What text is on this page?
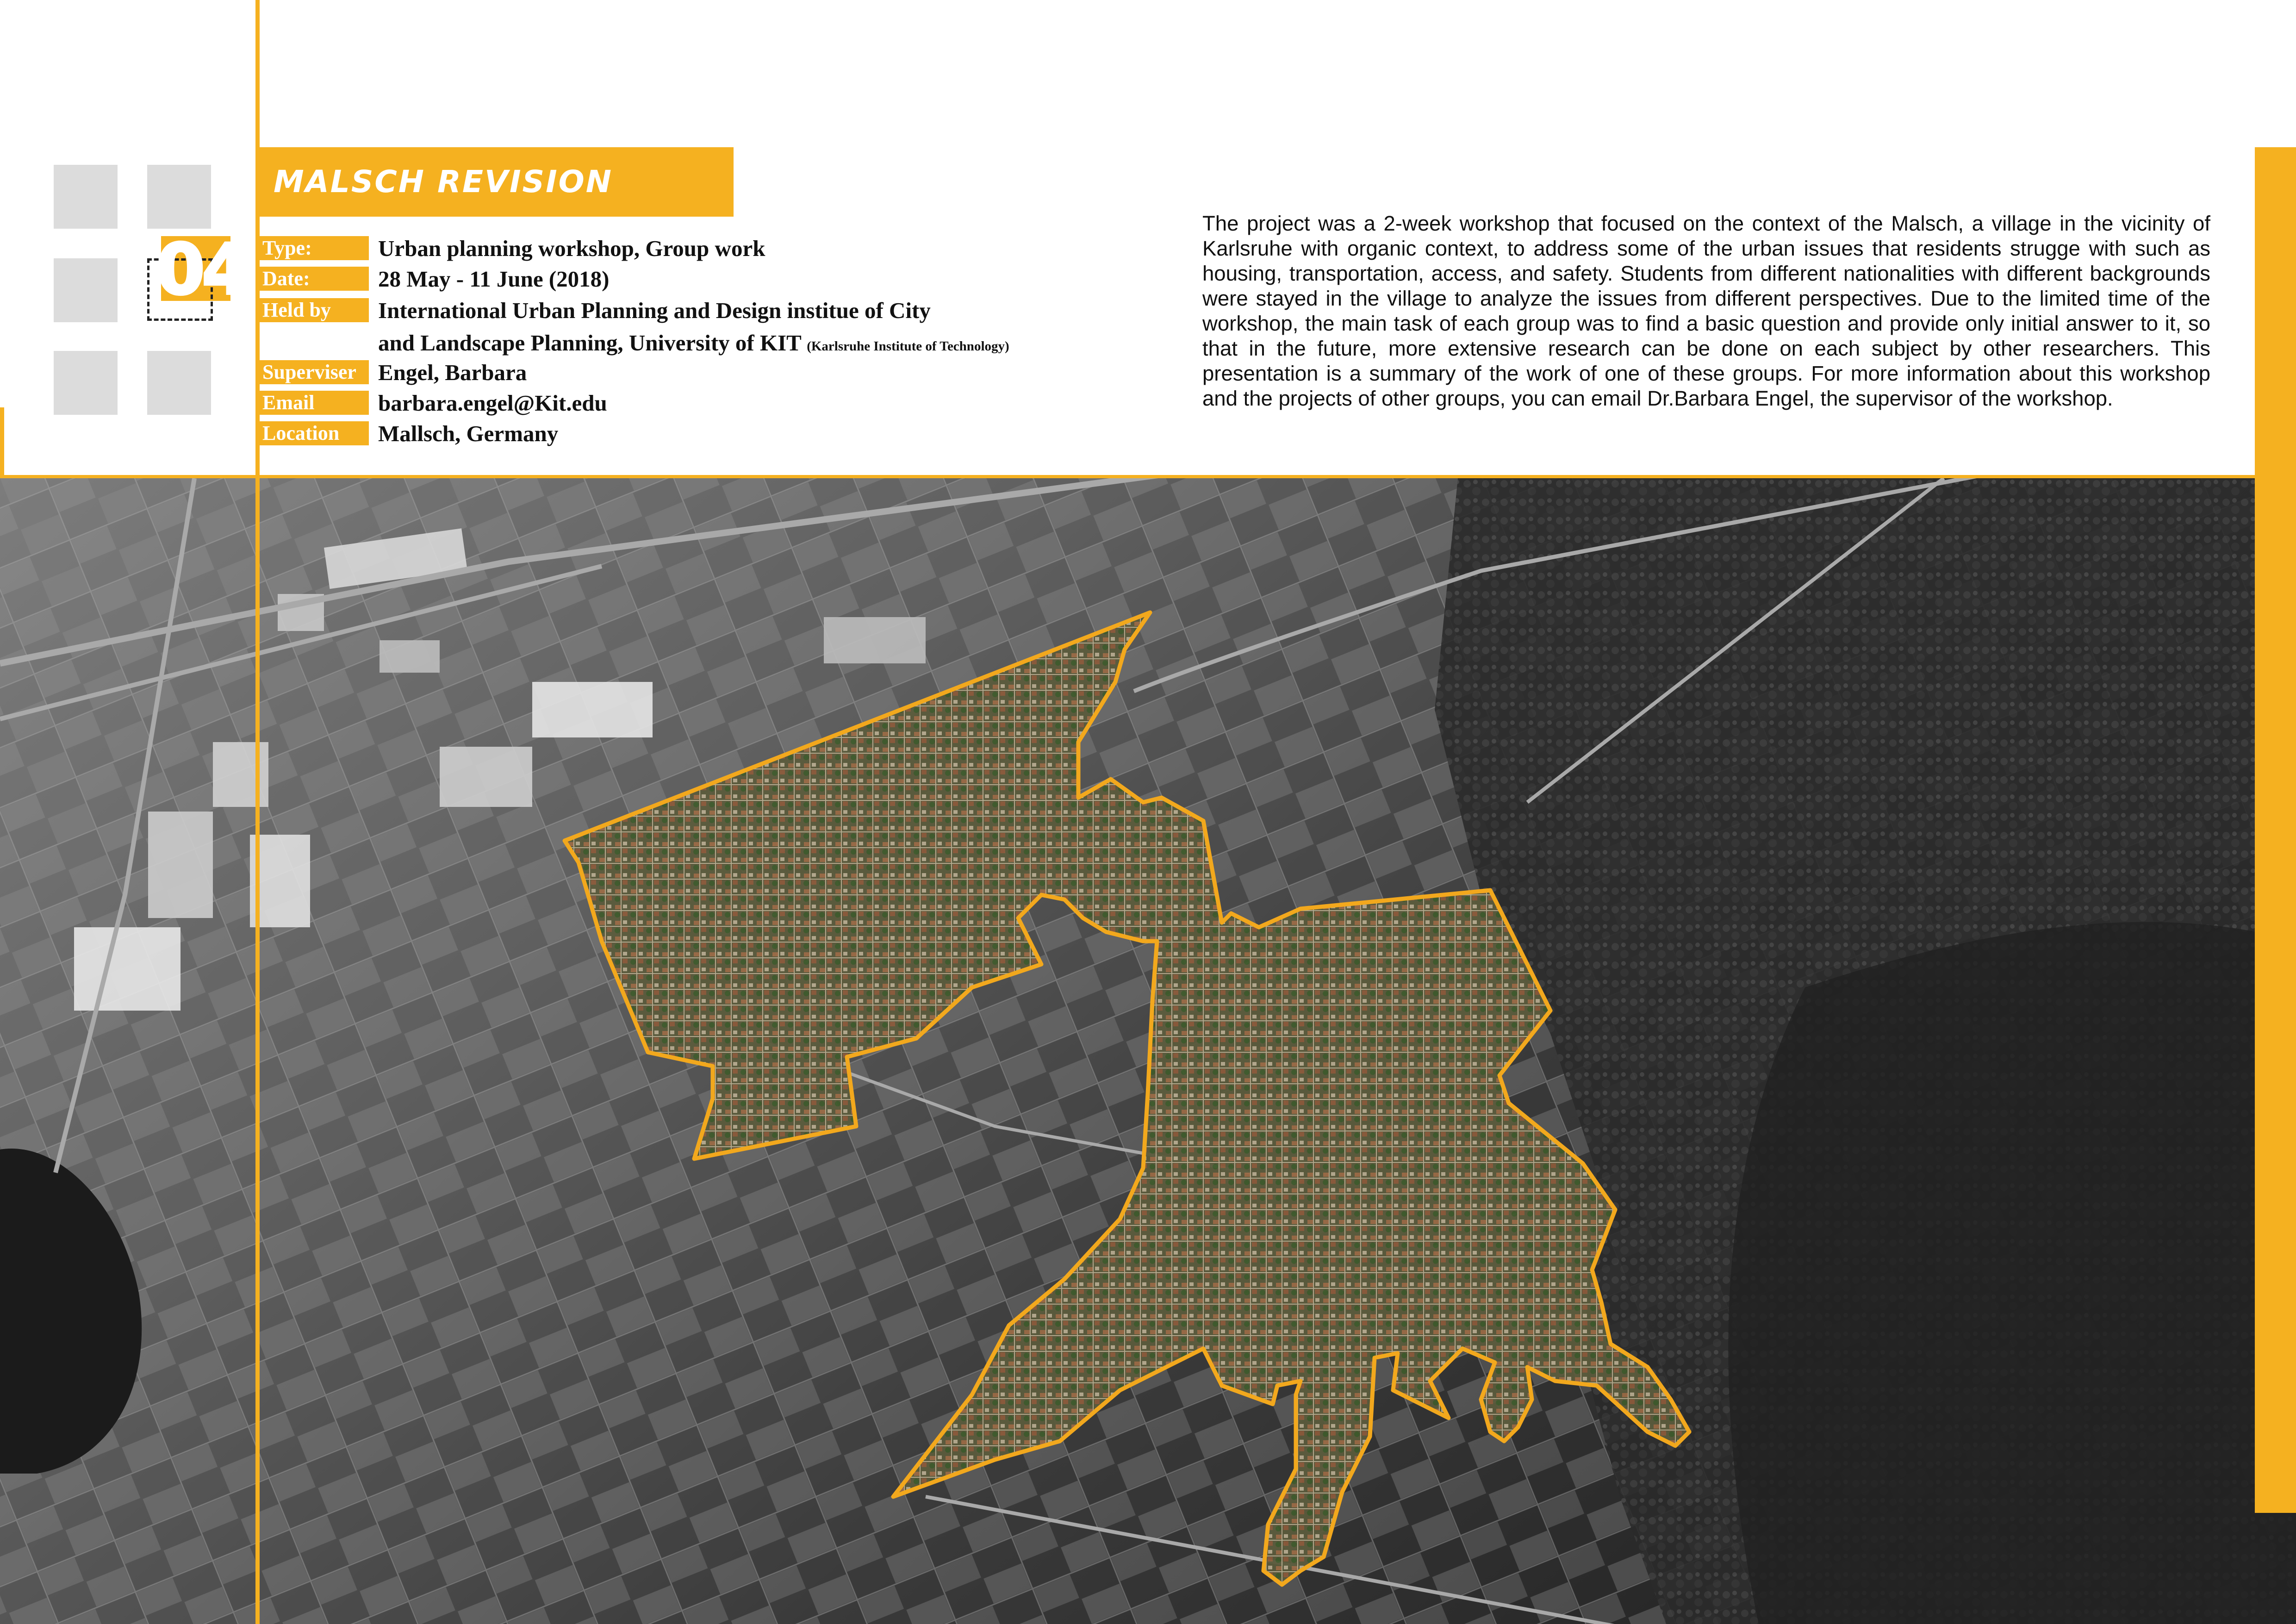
04
MALSCH REVISION
Type:	Urban planning workshop, Group work
Date:	28 May - 11 June (2018)
Held by	International Urban Planning and Design institue of City
and Landscape Planning, University of KIT (Karlsruhe Institute of Technology)
Superviser Engel, Barbara
Email	barbara.engel@Kit.edu
Location	Mallsch, Germany
The project was a 2-week workshop that focused on the context of the Malsch, a village in the vicinity of Karlsruhe with organic context, to address some of the urban issues that residents strugge with such as housing, transportation, access, and safety. Students from different nationalities with different backgrounds were stayed in the village to analyze the issues from different perspectives. Due to the limited time of the workshop, the main task of each group was to find a basic question and provide only initial answer to it, so that in the future, more extensive research can be done on each subject by other researchers. This presentation is a summary of the work of one of these groups. For more information about this workshop and the projects of other groups, you can email Dr.Barbara Engel, the supervisor of the workshop.
